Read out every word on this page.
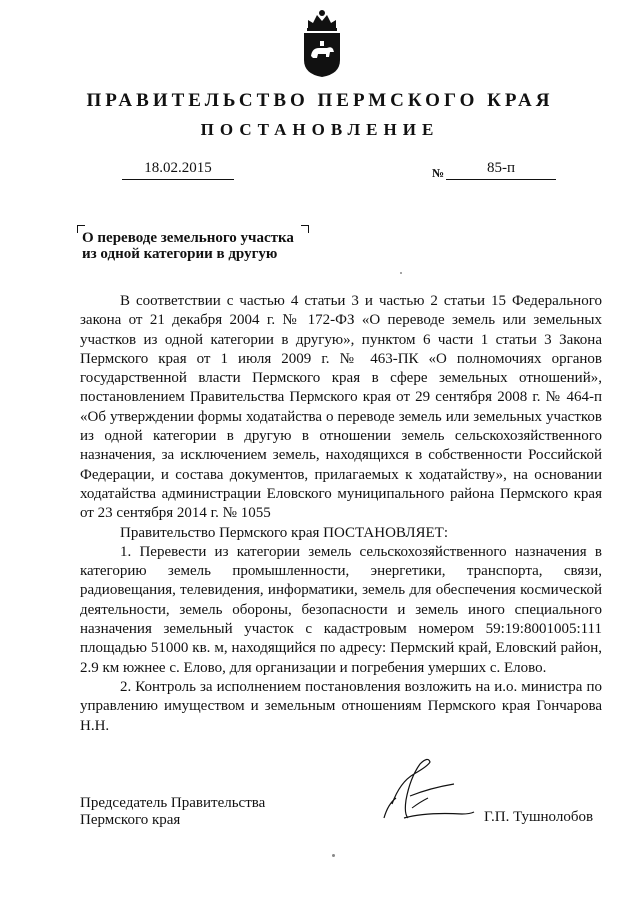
ПРАВИТЕЛЬСТВО ПЕРМСКОГО КРАЯ
ПОСТАНОВЛЕНИЕ
18.02.2015	№	85-п
О переводе земельного участка
из одной категории в другую

В соответствии с частью 4 статьи 3 и частью 2 статьи 15 Федерального закона от 21 декабря 2004 г. № 172-ФЗ «О переводе земель или земельных участков из одной категории в другую», пунктом 6 части 1 статьи 3 Закона Пермского края от 1 июля 2009 г. № 463-ПК «О полномочиях органов государственной власти Пермского края в сфере земельных отношений», постановлением Правительства Пермского края от 29 сентября 2008 г. № 464-п «Об утверждении формы ходатайства о переводе земель или земельных участков из одной категории в другую в отношении земель сельскохозяйственного назначения, за исключением земель, находящихся в собственности Российской Федерации, и состава документов, прилагаемых к ходатайству», на основании ходатайства администрации Еловского муниципального района Пермского края от 23 сентября 2014 г. № 1055

Правительство Пермского края ПОСТАНОВЛЯЕТ:

1. Перевести из категории земель сельскохозяйственного назначения в категорию земель промышленности, энергетики, транспорта, связи, радиовещания, телевидения, информатики, земель для обеспечения космической деятельности, земель обороны, безопасности и земель иного специального назначения земельный участок с кадастровым номером 59:19:8001005:111 площадью 51000 кв. м, находящийся по адресу: Пермский край, Еловский район, 2.9 км южнее с. Елово, для организации и погребения умерших с. Елово.

2. Контроль за исполнением постановления возложить на и.о. министра по управлению имуществом и земельным отношениям Пермского края Гончарова Н.Н.

Председатель Правительства
Пермского края	Г.П. Тушнолобов
